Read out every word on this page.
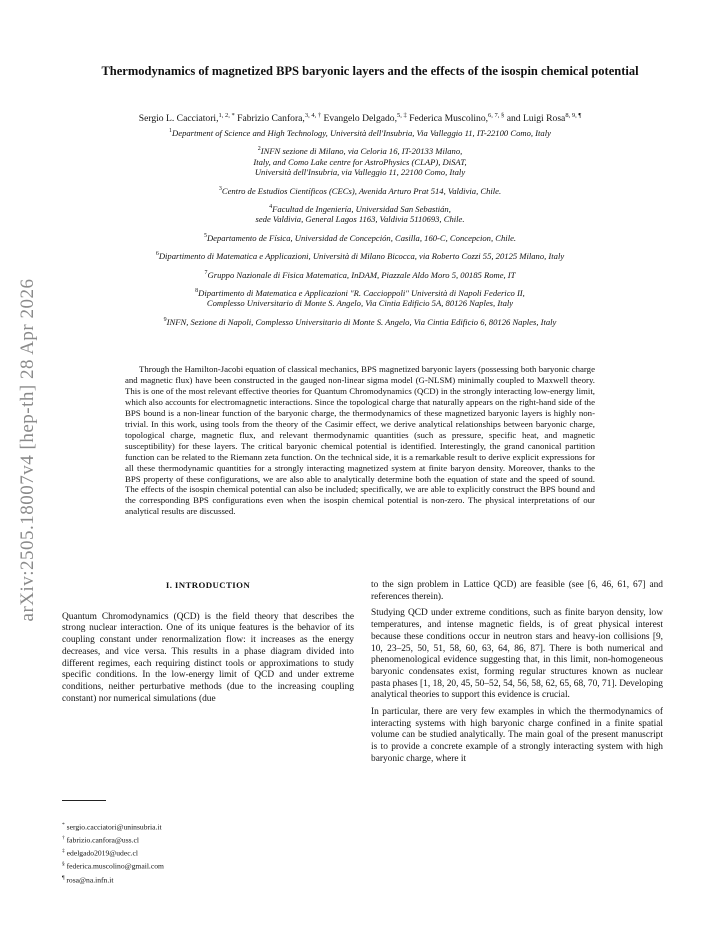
arXiv:2505.18007v4 [hep-th] 28 Apr 2026
Thermodynamics of magnetized BPS baryonic layers and the effects of the isospin chemical potential
Sergio L. Cacciatori,$^{1, 2, *}$ Fabrizio Canfora,$^{3, 4, \dagger}$ Evangelo Delgado,$^{5, \ddagger}$ Federica Muscolino,$^{6, 7, \S}$ and Luigi Rosa$^{8, 9, \P}$
$^1$Department of Science and High Technology, Università dell'Insubria, Via Valleggio 11, IT-22100 Como, Italy
$^2$INFN sezione di Milano, via Celoria 16, IT-20133 Milano,
Italy, and Como Lake centre for AstroPhysics (CLAP), DiSAT,
Università dell'Insubria, via Valleggio 11, 22100 Como, Italy
$^3$Centro de Estudios Científicos (CECs), Avenida Arturo Prat 514, Valdivia, Chile.
$^4$Facultad de Ingeniería, Universidad San Sebastián,
sede Valdivia, General Lagos 1163, Valdivia 5110693, Chile.
$^5$Departamento de Física, Universidad de Concepción, Casilla, 160-C, Concepcion, Chile.
$^6$Dipartimento di Matematica e Applicazioni, Università di Milano Bicocca, via Roberto Cozzi 55, 20125 Milano, Italy
$^7$Gruppo Nazionale di Fisica Matematica, InDAM, Piazzale Aldo Moro 5, 00185 Rome, IT
$^8$Dipartimento di Matematica e Applicazioni "R. Caccioppoli" Università di Napoli Federico II,
Complesso Universitario di Monte S. Angelo, Via Cintia Edificio 5A, 80126 Naples, Italy
$^9$INFN, Sezione di Napoli, Complesso Universitario di Monte S. Angelo, Via Cintia Edificio 6, 80126 Naples, Italy
Through the Hamilton-Jacobi equation of classical mechanics, BPS magnetized baryonic layers (possessing both baryonic charge and magnetic flux) have been constructed in the gauged non-linear sigma model (G-NLSM) minimally coupled to Maxwell theory. This is one of the most relevant effective theories for Quantum Chromodynamics (QCD) in the strongly interacting low-energy limit, which also accounts for electromagnetic interactions. Since the topological charge that naturally appears on the right-hand side of the BPS bound is a non-linear function of the baryonic charge, the thermodynamics of these magnetized baryonic layers is highly non-trivial. In this work, using tools from the theory of the Casimir effect, we derive analytical relationships between baryonic charge, topological charge, magnetic flux, and relevant thermodynamic quantities (such as pressure, specific heat, and magnetic susceptibility) for these layers. The critical baryonic chemical potential is identified. Interestingly, the grand canonical partition function can be related to the Riemann zeta function. On the technical side, it is a remarkable result to derive explicit expressions for all these thermodynamic quantities for a strongly interacting magnetized system at finite baryon density. Moreover, thanks to the BPS property of these configurations, we are also able to analytically determine both the equation of state and the speed of sound. The effects of the isospin chemical potential can also be included; specifically, we are able to explicitly construct the BPS bound and the corresponding BPS configurations even when the isospin chemical potential is non-zero. The physical interpretations of our analytical results are discussed.
I. INTRODUCTION

Quantum Chromodynamics (QCD) is the field theory that describes the strong nuclear interaction. One of its unique features is the behavior of its coupling constant under renormalization flow: it increases as the energy decreases, and vice versa. This results in a phase diagram divided into different regimes, each requiring distinct tools or approximations to study specific conditions. In the low-energy limit of QCD and under extreme conditions, neither perturbative methods (due to the increasing coupling constant) nor numerical simulations (due

to the sign problem in Lattice QCD) are feasible (see [6, 46, 61, 67] and references therein).

Studying QCD under extreme conditions, such as finite baryon density, low temperatures, and intense magnetic fields, is of great physical interest because these conditions occur in neutron stars and heavy-ion collisions [9, 10, 23–25, 50, 51, 58, 60, 63, 64, 86, 87]. There is both numerical and phenomenological evidence suggesting that, in this limit, non-homogeneous baryonic condensates exist, forming regular structures known as nuclear pasta phases [1, 18, 20, 45, 50–52, 54, 56, 58, 62, 65, 68, 70, 71]. Developing analytical theories to support this evidence is crucial.

In particular, there are very few examples in which the thermodynamics of interacting systems with high baryonic charge confined in a finite spatial volume can be studied analytically. The main goal of the present manuscript is to provide a concrete example of a strongly interacting system with high baryonic charge, where it

* sergio.cacciatori@uninsubria.it
† fabrizio.canfora@uss.cl
‡ edelgado2019@udec.cl
§ federica.muscolino@gmail.com
¶ rosa@na.infn.it
